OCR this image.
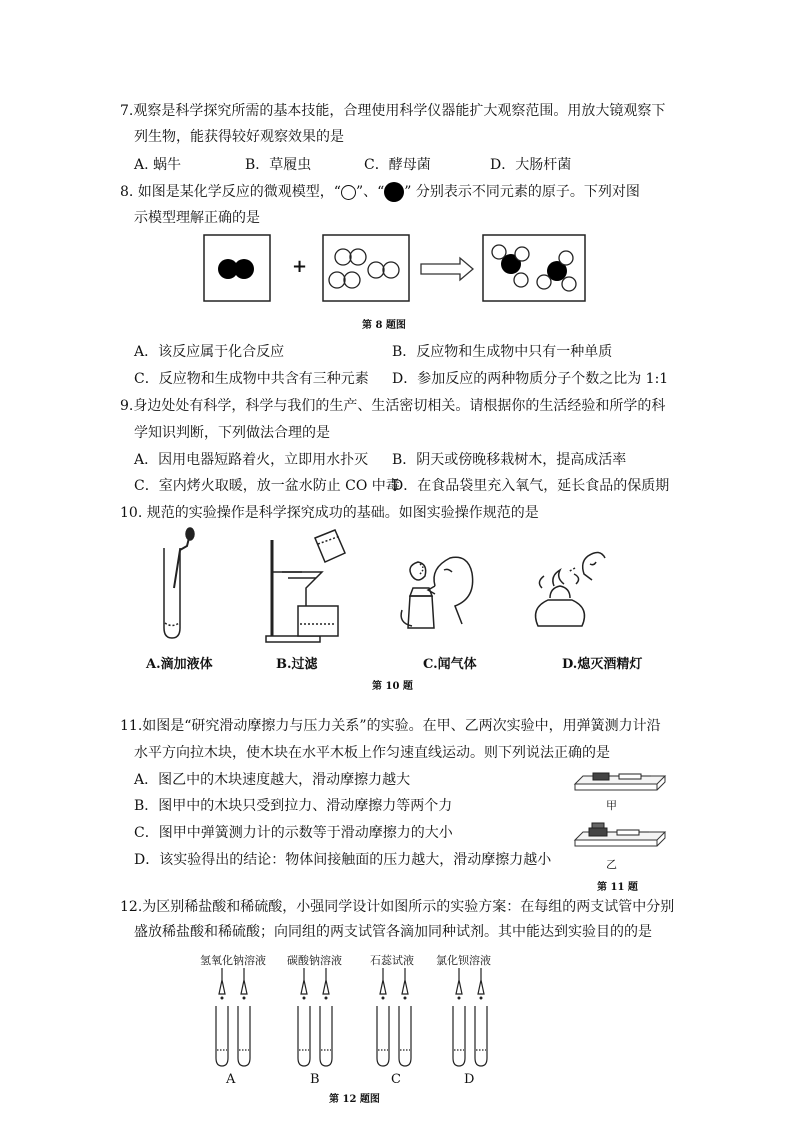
7.观察是科学探究所需的基本技能，合理使用科学仪器能扩大观察范围。用放大镜观察下
列生物，能获得较好观察效果的是
A. 蜗牛	B．草履虫	C．酵母菌	D．大肠杆菌
8. 如图是某化学反应的微观模型，“ ”、“ ” 分别表示不同元素的原子。下列对图
示模型理解正确的是
+
第 8 题图
A．该反应属于化合反应	B．反应物和生成物中只有一种单质
C．反应物和生成物中共含有三种元素 D．参加反应的两种物质分子个数之比为 1:1
9.身边处处有科学，科学与我们的生产、生活密切相关。请根据你的生活经验和所学的科
学知识判断，下列做法合理的是
A．因用电器短路着火，立即用水扑灭 B．阴天或傍晚移栽树木，提高成活率
C．室内烤火取暖，放一盆水防止 CO 中毒
D．在食品袋里充入氧气，延长食品的保质期
10. 规范的实验操作是科学探究成功的基础。如图实验操作规范的是
A.滴加液体	B.过滤	C.闻气体	D.熄灭酒精灯
第 10 题
11.如图是“研究滑动摩擦力与压力关系”的实验。在甲、乙两次实验中，用弹簧测力计沿
水平方向拉木块，使木块在水平木板上作匀速直线运动。则下列说法正确的是
A．图乙中的木块速度越大，滑动摩擦力越大
B．图甲中的木块只受到拉力、滑动摩擦力等两个力
C．图甲中弹簧测力计的示数等于滑动摩擦力的大小
D．该实验得出的结论：物体间接触面的压力越大，滑动摩擦力越小
甲
乙
第 11 题
12.为区别稀盐酸和稀硫酸，小强同学设计如图所示的实验方案：在每组的两支试管中分别
盛放稀盐酸和稀硫酸；向同组的两支试管各滴加同种试剂。其中能达到实验目的的是
氢氧化钠溶液 碳酸钠溶液	石蕊试液 氯化钡溶液
A	B	C	D
第 12 题图
